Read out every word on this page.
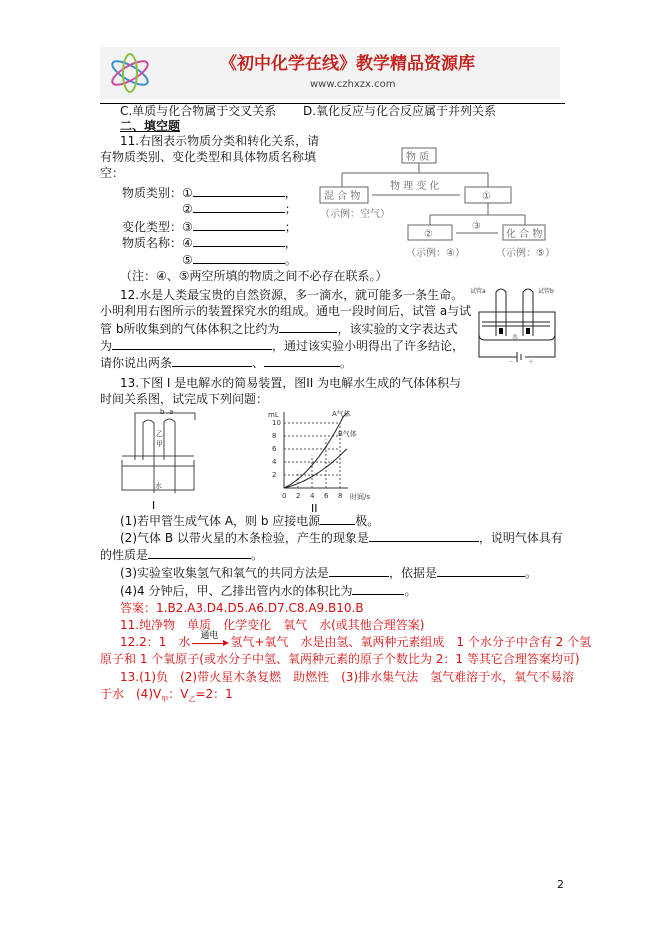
《初中化学在线》教学精品资源库
www.czhxzx.com
C.单质与化合物属于交叉关系 D.氧化反应与化合反应属于并列关系
二、填空题
11.右图表示物质分类和转化关系，请
有物质类别、变化类型和具体物质名称填
空：
物质类别：①	，
②	；
变化类型：③	；
物质名称：④	，
⑤	。
（注：④、⑤两空所填的物质之间不必存在联系。）
物 质
混 合 物
物 理 变 化
①
（示例：空气）
②
③
化 合 物
（示例：④）	（示例：⑤）
12.水是人类最宝贵的自然资源，多一滴水，就可能多一条生命。
小明利用右图所示的装置探究水的组成。通电一段时间后，试管 a与试
管 b所收集到的气体体积之比约为	，该实验的文字表达式
为	，通过该实验小明得出了许多结论，
请你说出两条	、	。
试管a	试管b
水
－ ＋
13.下图 I 是电解水的简易装置，图II 为电解水生成的气体体积与
时间关系图，试完成下列问题：
b a
乙
甲
水
I
mL	A气体
B气体
时间/s
2
4
6
8
10
0 2 4 6 8
II
(1)若甲管生成气体 A，则 b 应接电源	极。
(2)气体 B 以带火星的木条检验，产生的现象是	，说明气体具有
的性质是	。
(3)实验室收集氢气和氧气的共同方法是	，依据是	。
(4)4 分钟后，甲、乙排出管内水的体积比为	。
答案：1.B2.A3.D4.D5.A6.D7.C8.A9.B10.B
11.纯净物　单质　化学变化　氧气　水(或其他合理答案)
12.2：1　水 通电 氢气+氧气　水是由氢、氧两种元素组成　1 个水分子中含有 2 个氢
原子和 1 个氧原子(或水分子中氢、氧两种元素的原子个数比为 2：1 等其它合理答案均可)
13.(1)负　(2)带火星木条复燃　助燃性　(3)排水集气法　氢气难溶于水，氧气不易溶
于水　$(4)V_甲$：$V_乙=2$：1
2
